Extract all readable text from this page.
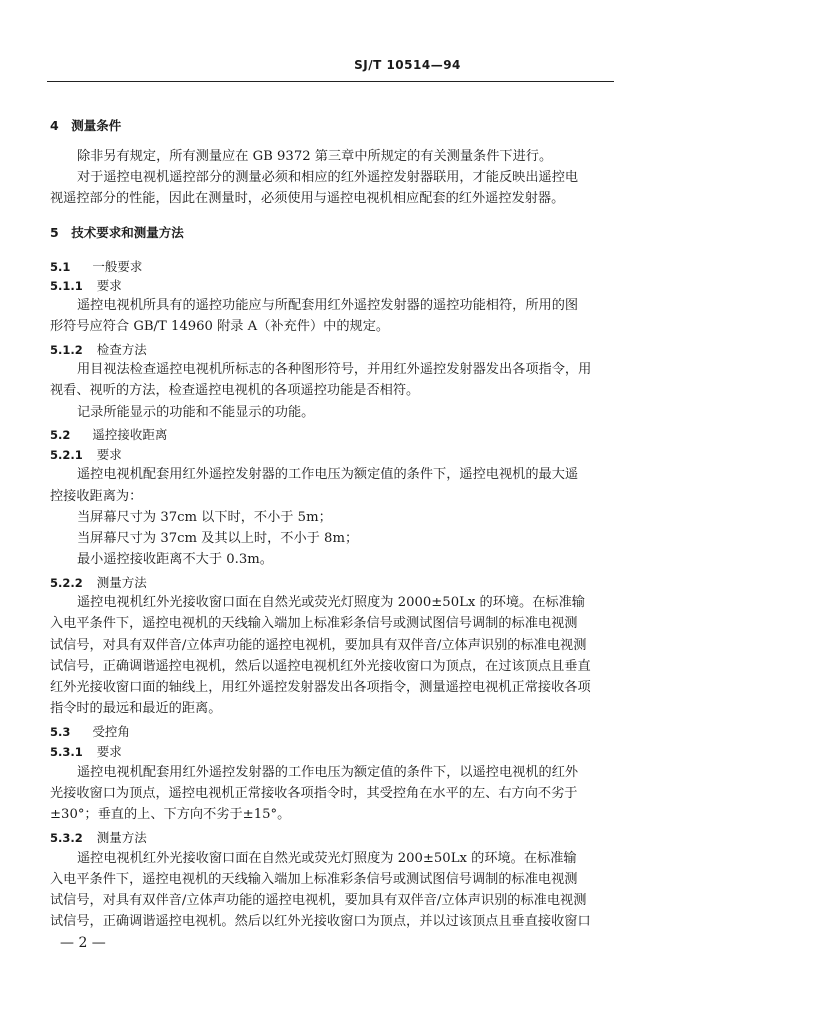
SJ/T 10514—94
4　测量条件
除非另有规定，所有测量应在 GB 9372 第三章中所规定的有关测量条件下进行。
对于遥控电视机遥控部分的测量必须和相应的红外遥控发射器联用，才能反映出遥控电
视遥控部分的性能，因此在测量时，必须使用与遥控电视机相应配套的红外遥控发射器。
5　技术要求和测量方法
5.1 一般要求
5.1.1 要求
遥控电视机所具有的遥控功能应与所配套用红外遥控发射器的遥控功能相符，所用的图
形符号应符合 GB/T 14960 附录 A（补充件）中的规定。
5.1.2 检查方法
用目视法检查遥控电视机所标志的各种图形符号，并用红外遥控发射器发出各项指令，用
视看、视听的方法，检查遥控电视机的各项遥控功能是否相符。
记录所能显示的功能和不能显示的功能。
5.2 遥控接收距离
5.2.1 要求
遥控电视机配套用红外遥控发射器的工作电压为额定值的条件下，遥控电视机的最大遥
控接收距离为：
当屏幕尺寸为 37cm 以下时，不小于 5m；
当屏幕尺寸为 37cm 及其以上时，不小于 8m；
最小遥控接收距离不大于 0.3m。
5.2.2 测量方法
遥控电视机红外光接收窗口面在自然光或荧光灯照度为 2000±50Lx 的环境。在标准输
入电平条件下，遥控电视机的天线输入端加上标准彩条信号或测试图信号调制的标准电视测
试信号，对具有双伴音/立体声功能的遥控电视机，要加具有双伴音/立体声识别的标准电视测
试信号，正确调谐遥控电视机，然后以遥控电视机红外光接收窗口为顶点，在过该顶点且垂直
红外光接收窗口面的轴线上，用红外遥控发射器发出各项指令，测量遥控电视机正常接收各项
指令时的最远和最近的距离。
5.3 受控角
5.3.1 要求
遥控电视机配套用红外遥控发射器的工作电压为额定值的条件下，以遥控电视机的红外
光接收窗口为顶点，遥控电视机正常接收各项指令时，其受控角在水平的左、右方向不劣于
±30°；垂直的上、下方向不劣于±15°。
5.3.2 测量方法
遥控电视机红外光接收窗口面在自然光或荧光灯照度为 200±50Lx 的环境。在标准输
入电平条件下，遥控电视机的天线输入端加上标准彩条信号或测试图信号调制的标准电视测
试信号，对具有双伴音/立体声功能的遥控电视机，要加具有双伴音/立体声识别的标准电视测
试信号，正确调谐遥控电视机。然后以红外光接收窗口为顶点，并以过该顶点且垂直接收窗口
— 2 —
